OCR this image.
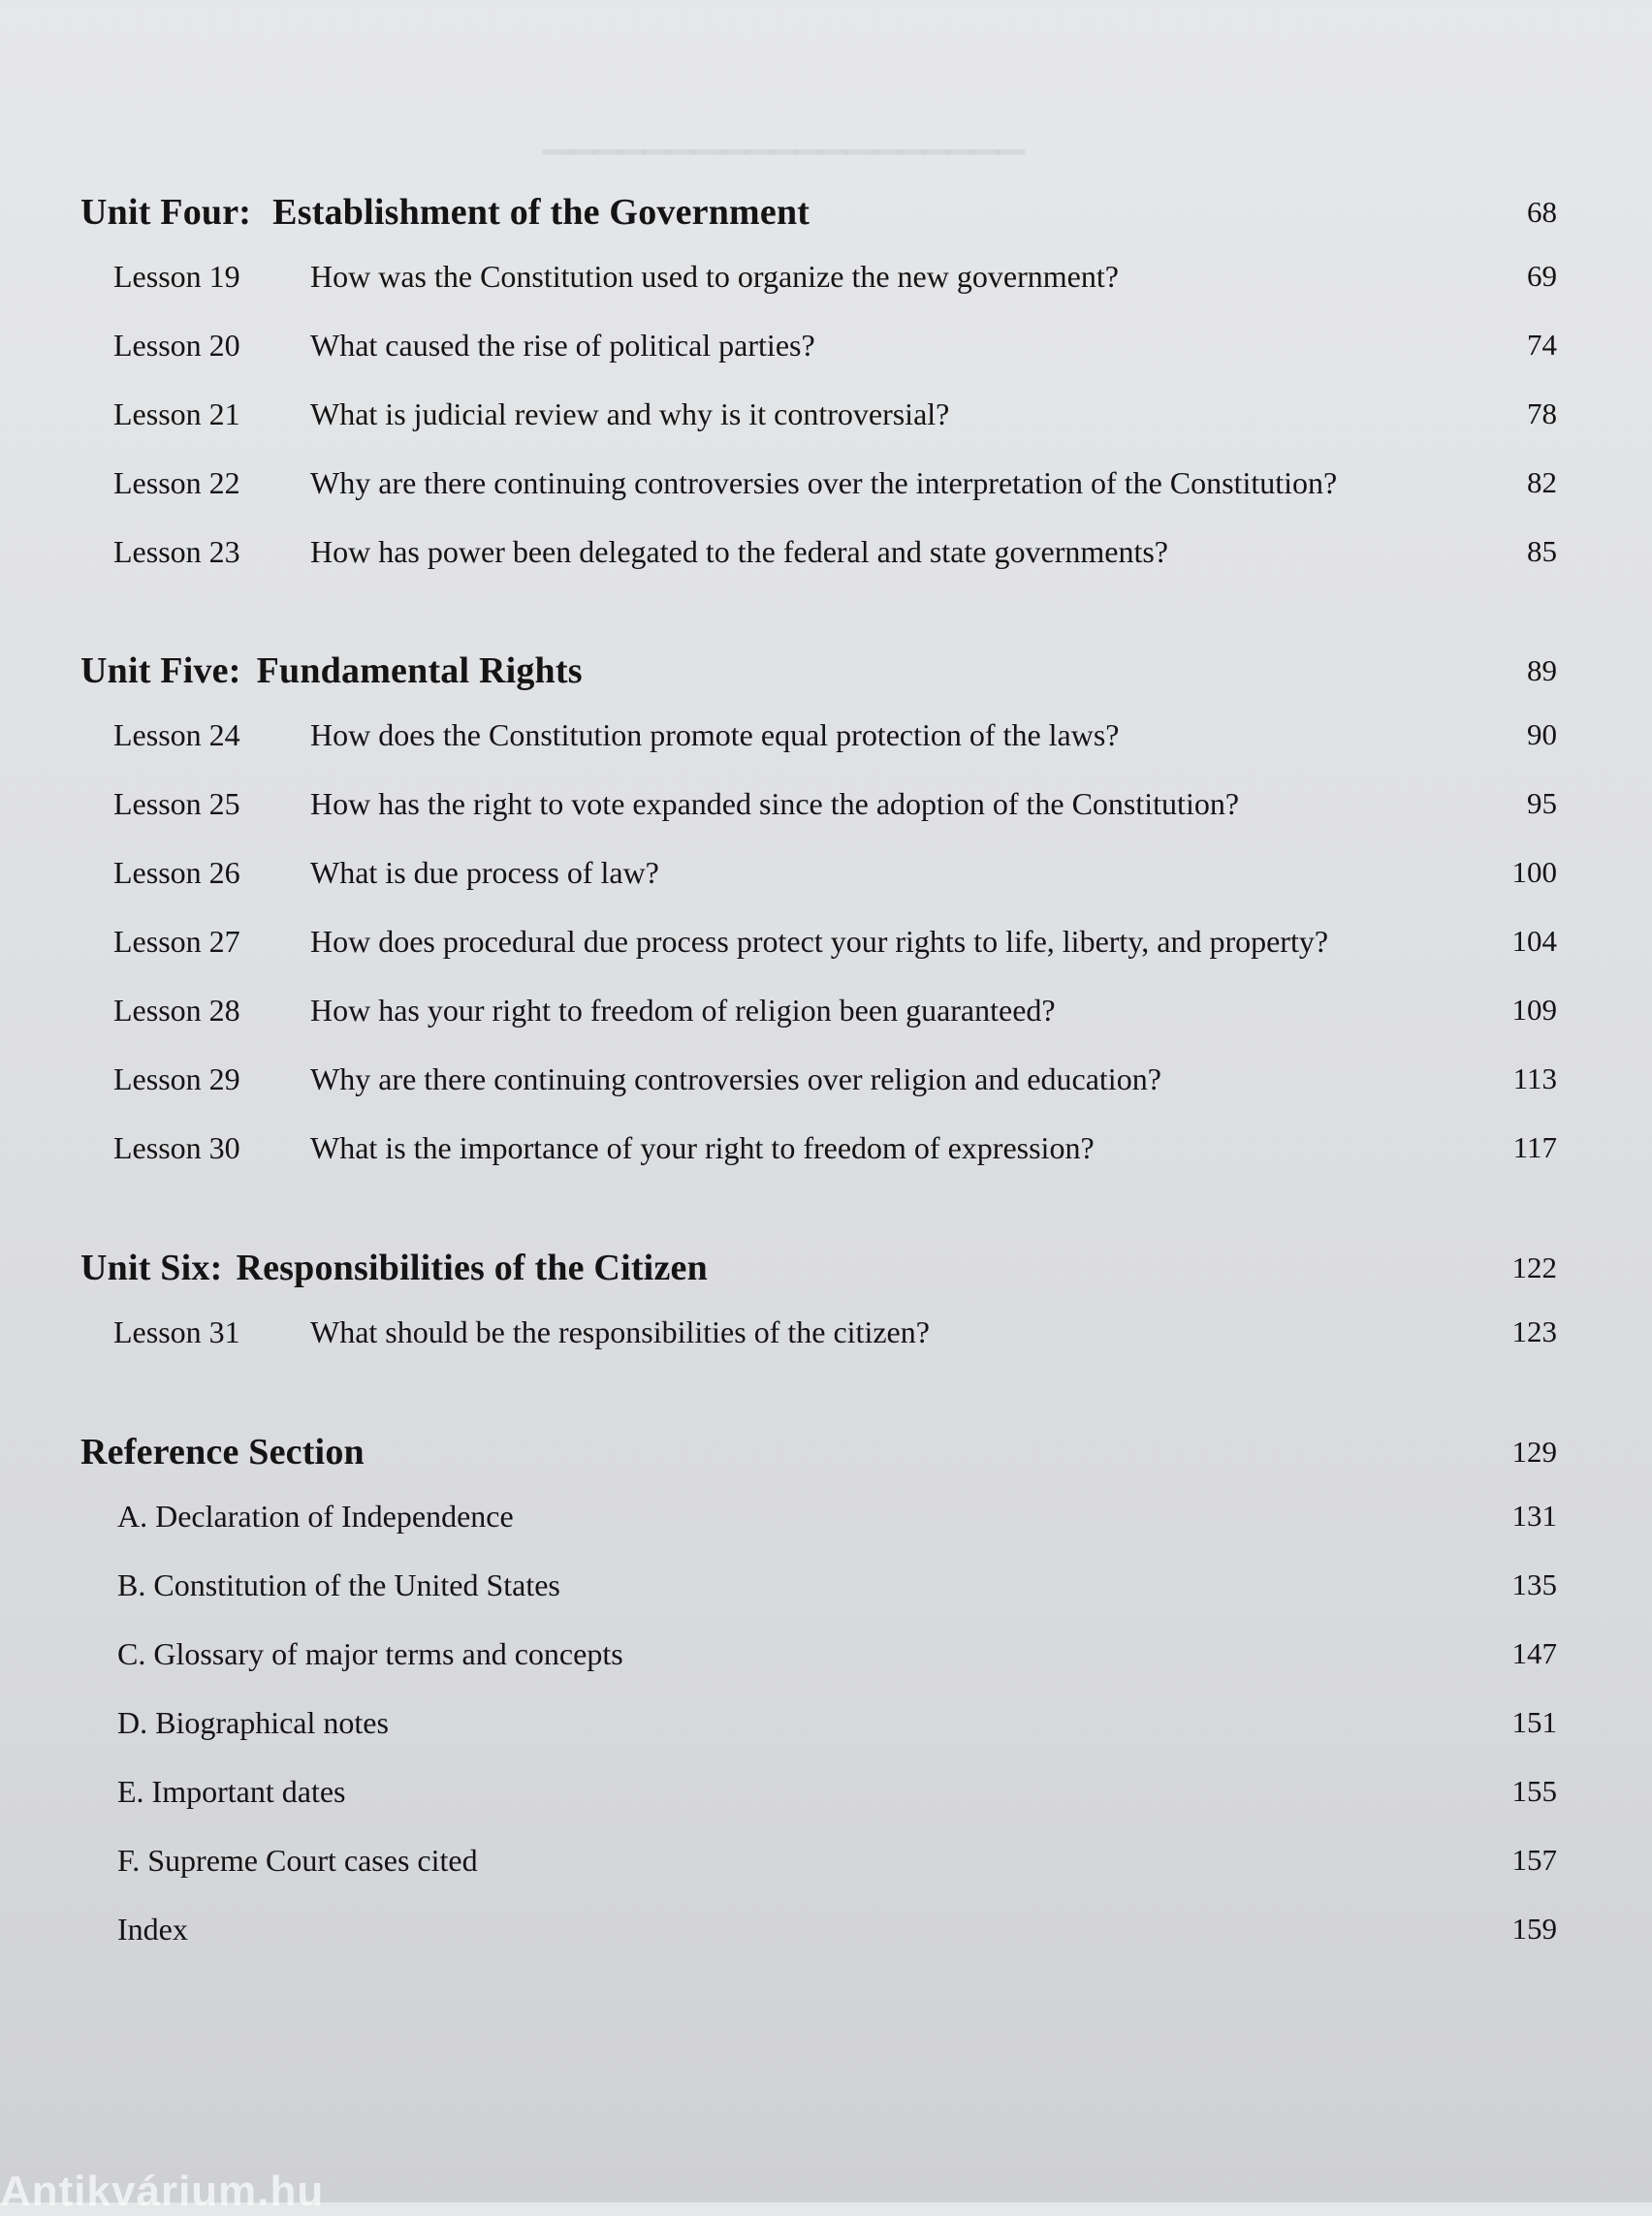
▁▁▁▁▁▁▁▁▁▁▁▁▁▁▁▁▁▁▁
Unit Four: Establishment of the Government	68
Lesson 19 How was the Constitution used to organize the new government?	69
Lesson 20 What caused the rise of political parties?	74
Lesson 21 What is judicial review and why is it controversial?	78
Lesson 22 Why are there continuing controversies over the interpretation of the Constitution?	82
Lesson 23 How has power been delegated to the federal and state governments?	85
Unit Five: Fundamental Rights	89
Lesson 24 How does the Constitution promote equal protection of the laws?	90
Lesson 25 How has the right to vote expanded since the adoption of the Constitution?	95
Lesson 26 What is due process of law?	100
Lesson 27 How does procedural due process protect your rights to life, liberty, and property?	104
Lesson 28 How has your right to freedom of religion been guaranteed?	109
Lesson 29 Why are there continuing controversies over religion and education?	113
Lesson 30 What is the importance of your right to freedom of expression?	117
Unit Six: Responsibilities of the Citizen	122
Lesson 31 What should be the responsibilities of the citizen?	123
Reference Section	129
A. Declaration of Independence	131
B. Constitution of the United States	135
C. Glossary of major terms and concepts	147
D. Biographical notes	151
E. Important dates	155
F. Supreme Court cases cited	157
Index	159
Antikvárium.hu
